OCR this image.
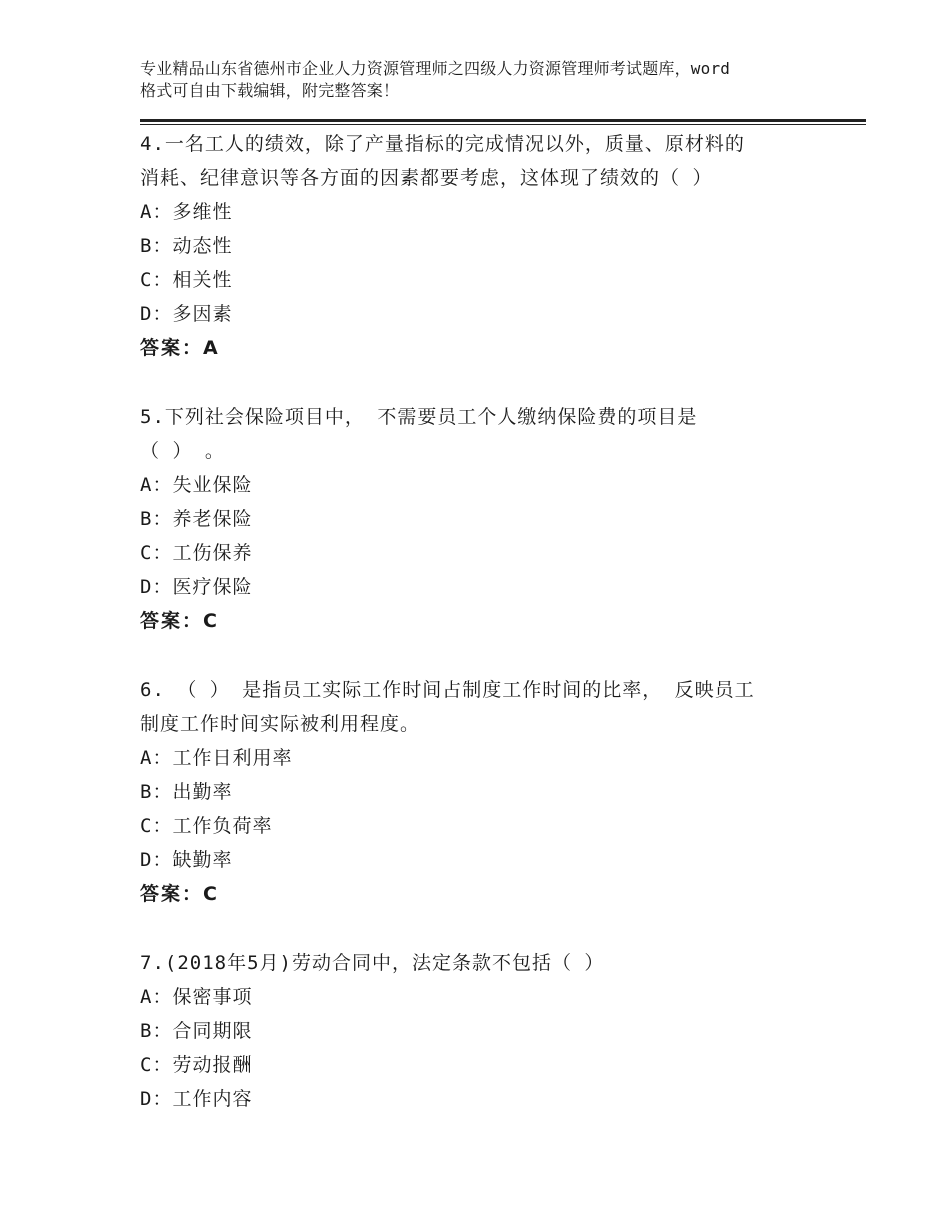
专业精品山东省德州市企业人力资源管理师之四级人力资源管理师考试题库，word
格式可自由下载编辑，附完整答案！

4.一名工人的绩效，除了产量指标的完成情况以外，质量、原材料的

消耗、纪律意识等各方面的因素都要考虑，这体现了绩效的（ ）

A：多维性

B：动态性

C：相关性

D：多因素

答案：A

5.下列社会保险项目中， 不需要员工个人缴纳保险费的项目是

（ ） 。

A：失业保险

B：养老保险

C：工伤保养

D：医疗保险

答案：C

6. （ ） 是指员工实际工作时间占制度工作时间的比率， 反映员工

制度工作时间实际被利用程度。

A：工作日利用率

B：出勤率

C：工作负荷率

D：缺勤率

答案：C

7.(2018年5月)劳动合同中，法定条款不包括（ ）

A：保密事项

B：合同期限

C：劳动报酬

D：工作内容
